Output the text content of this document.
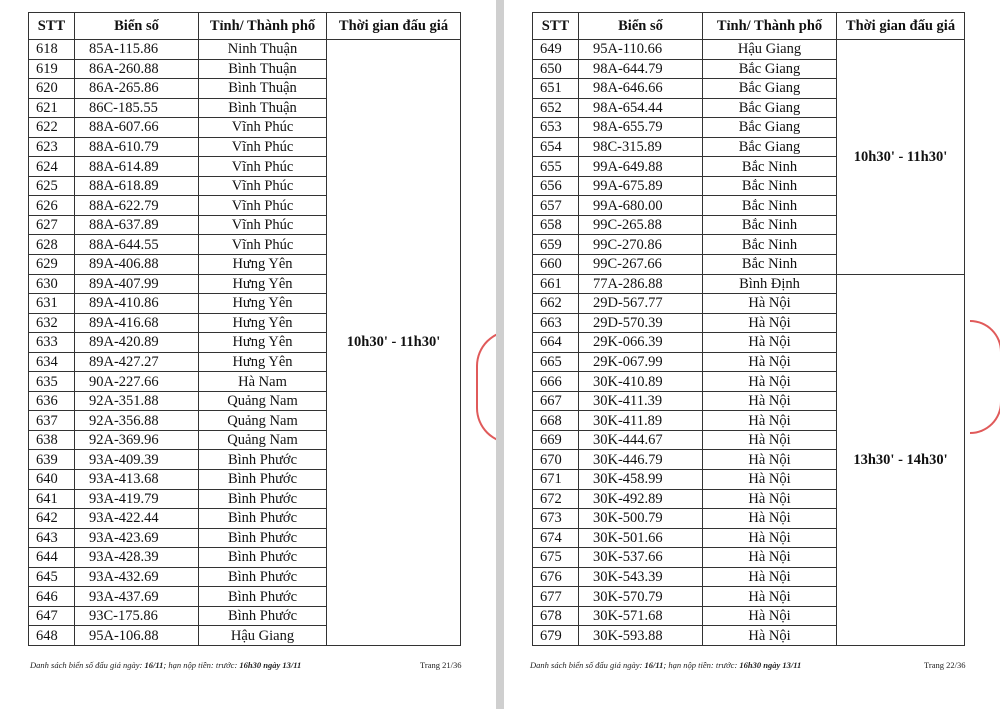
STT	Biển số	Tỉnh/ Thành phố	Thời gian đấu giá
618	85A-115.86	Ninh Thuận	10h30' - 11h30'
619	86A-260.88	Bình Thuận	
620	86A-265.86	Bình Thuận	
621	86C-185.55	Bình Thuận	
622	88A-607.66	Vĩnh Phúc	
623	88A-610.79	Vĩnh Phúc	
624	88A-614.89	Vĩnh Phúc	
625	88A-618.89	Vĩnh Phúc	
626	88A-622.79	Vĩnh Phúc	
627	88A-637.89	Vĩnh Phúc	
628	88A-644.55	Vĩnh Phúc	
629	89A-406.88	Hưng Yên	
630	89A-407.99	Hưng Yên	
631	89A-410.86	Hưng Yên	
632	89A-416.68	Hưng Yên	
633	89A-420.89	Hưng Yên	
634	89A-427.27	Hưng Yên	
635	90A-227.66	Hà Nam	
636	92A-351.88	Quảng Nam	
637	92A-356.88	Quảng Nam	
638	92A-369.96	Quảng Nam	
639	93A-409.39	Bình Phước	
640	93A-413.68	Bình Phước	
641	93A-419.79	Bình Phước	
642	93A-422.44	Bình Phước	
643	93A-423.69	Bình Phước	
644	93A-428.39	Bình Phước	
645	93A-432.69	Bình Phước	
646	93A-437.69	Bình Phước	
647	93C-175.86	Bình Phước	
648	95A-106.88	Hậu Giang	
Danh sách biển số đấu giá ngày: 16/11; hạn nộp tiền: trước: 16h30 ngày 13/11	Trang 21/36
STT	Biển số	Tỉnh/ Thành phố	Thời gian đấu giá
649	95A-110.66	Hậu Giang	10h30' - 11h30'
650	98A-644.79	Bắc Giang	
651	98A-646.66	Bắc Giang	
652	98A-654.44	Bắc Giang	
653	98A-655.79	Bắc Giang	
654	98C-315.89	Bắc Giang	
655	99A-649.88	Bắc Ninh	
656	99A-675.89	Bắc Ninh	
657	99A-680.00	Bắc Ninh	
658	99C-265.88	Bắc Ninh	
659	99C-270.86	Bắc Ninh	
660	99C-267.66	Bắc Ninh	
661	77A-286.88	Bình Định	13h30' - 14h30'
662	29D-567.77	Hà Nội	
663	29D-570.39	Hà Nội	
664	29K-066.39	Hà Nội	
665	29K-067.99	Hà Nội	
666	30K-410.89	Hà Nội	
667	30K-411.39	Hà Nội	
668	30K-411.89	Hà Nội	
669	30K-444.67	Hà Nội	
670	30K-446.79	Hà Nội	
671	30K-458.99	Hà Nội	
672	30K-492.89	Hà Nội	
673	30K-500.79	Hà Nội	
674	30K-501.66	Hà Nội	
675	30K-537.66	Hà Nội	
676	30K-543.39	Hà Nội	
677	30K-570.79	Hà Nội	
678	30K-571.68	Hà Nội	
679	30K-593.88	Hà Nội	
Danh sách biển số đấu giá ngày: 16/11; hạn nộp tiền: trước: 16h30 ngày 13/11	Trang 22/36
